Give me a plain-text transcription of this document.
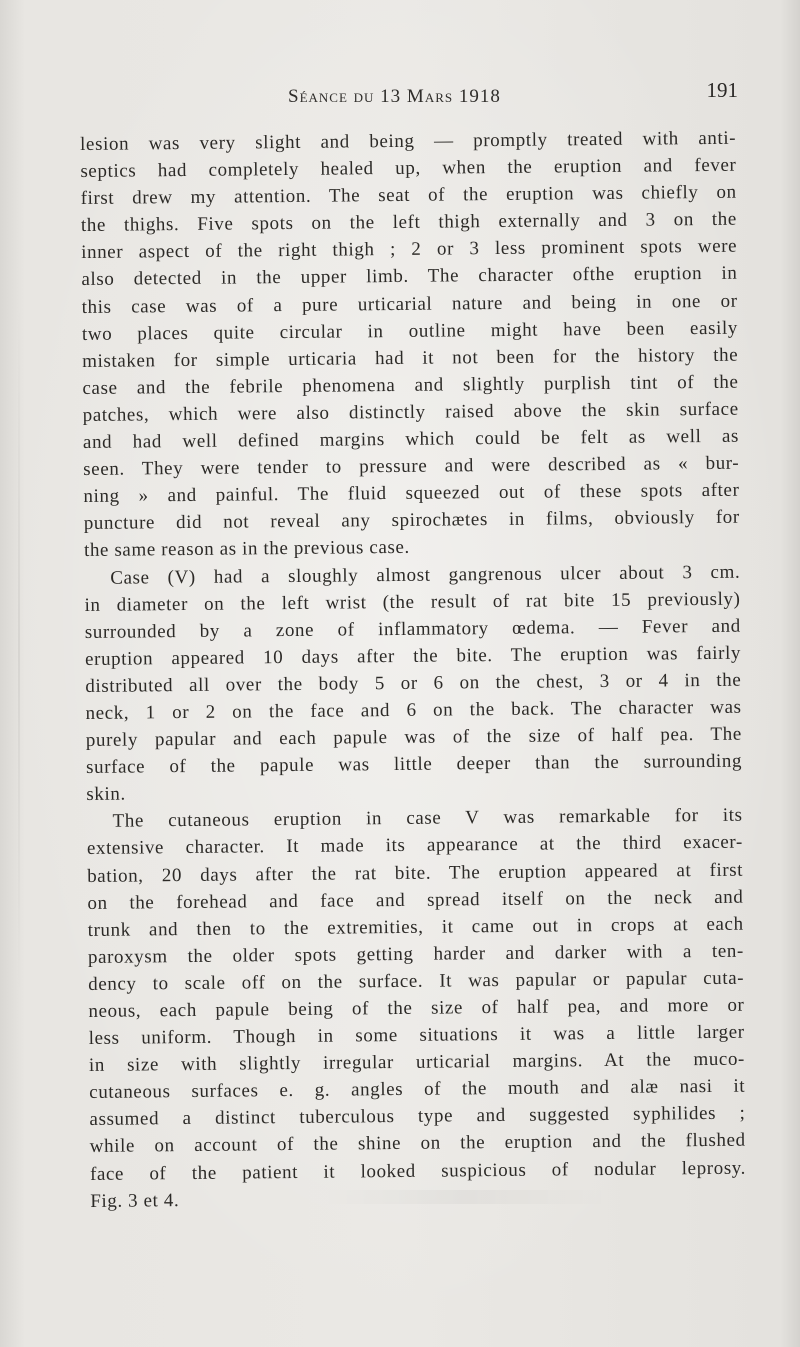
Séance du 13 Mars 1918	191
lesion was very slight and being — promptly treated with anti-
septics had completely healed up, when the eruption and fever
first drew my attention. The seat of the eruption was chiefly on
the thighs. Five spots on the left thigh externally and 3 on the
inner aspect of the right thigh ; 2 or 3 less prominent spots were
also detected in the upper limb. The character ofthe eruption in
this case was of a pure urticarial nature and being in one or
two places quite circular in outline might have been easily
mistaken for simple urticaria had it not been for the history the
case and the febrile phenomena and slightly purplish tint of the
patches, which were also distinctly raised above the skin surface
and had well defined margins which could be felt as well as
seen. They were tender to pressure and were described as « bur-
ning » and painful. The fluid squeezed out of these spots after
puncture did not reveal any spirochætes in films, obviously for
the same reason as in the previous case.
Case (V) had a sloughly almost gangrenous ulcer about 3 cm.
in diameter on the left wrist (the result of rat bite 15 previously)
surrounded by a zone of inflammatory œdema. — Fever and
eruption appeared 10 days after the bite. The eruption was fairly
distributed all over the body 5 or 6 on the chest, 3 or 4 in the
neck, 1 or 2 on the face and 6 on the back. The character was
purely papular and each papule was of the size of half pea. The
surface of the papule was little deeper than the surrounding
skin.
The cutaneous eruption in case V was remarkable for its
extensive character. It made its appearance at the third exacer-
bation, 20 days after the rat bite. The eruption appeared at first
on the forehead and face and spread itself on the neck and
trunk and then to the extremities, it came out in crops at each
paroxysm the older spots getting harder and darker with a ten-
dency to scale off on the surface. It was papular or papular cuta-
neous, each papule being of the size of half pea, and more or
less uniform. Though in some situations it was a little larger
in size with slightly irregular urticarial margins. At the muco-
cutaneous surfaces e. g. angles of the mouth and alæ nasi it
assumed a distinct tuberculous type and suggested syphilides ;
while on account of the shine on the eruption and the flushed
face of the patient it looked suspicious of nodular leprosy.
Fig. 3 et 4.
